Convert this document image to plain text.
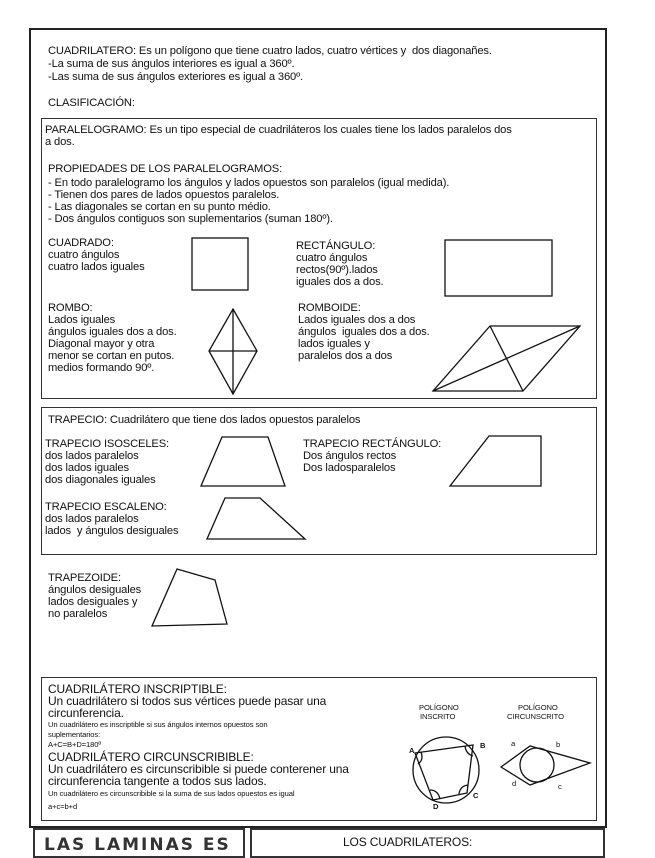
CUADRILATERO: Es un polígono que tiene cuatro lados, cuatro vértices y  dos diagonañes.
-La suma de sus ángulos interiores es igual a 360º.
-Las suma de sus ángulos exteriores es igual a 360º.
CLASIFICACIÓN:
PARALELOGRAMO: Es un tipo especial de cuadriláteros los cuales tiene los lados paralelos dos
a dos.
PROPIEDADES DE LOS PARALELOGRAMOS:
- En todo paralelogramo los ángulos y lados opuestos son paralelos (igual medida).
- Tienen dos pares de lados opuestos paralelos.
- Las diagonales se cortan en su punto médio.
- Dos ángulos contiguos son suplementarios (suman 180º).
CUADRADO:
cuatro ángulos
cuatro lados iguales
RECTÁNGULO:
cuatro ángulos
rectos(90º).lados
iguales dos a dos.
ROMBO:
Lados iguales
ángulos iguales dos a dos.
Diagonal mayor y otra
menor se cortan en putos.
medios formando 90º.
ROMBOIDE:
Lados iguales dos a dos
ángulos  iguales dos a dos.
lados iguales y
paralelos dos a dos
TRAPECIO: Cuadrilátero que tiene dos lados opuestos paralelos
TRAPECIO ISOSCELES:
dos lados paralelos
dos lados iguales
dos diagonales iguales
TRAPECIO RECTÁNGULO:
Dos ángulos rectos
Dos ladosparalelos
TRAPECIO ESCALENO:
dos lados paralelos
lados  y ángulos desiguales
TRAPEZOIDE:
ángulos desiguales
lados desiguales y
no paralelos
CUADRILÁTERO INSCRIPTIBLE:
Un cuadrilátero si todos sus vértices puede pasar una
circunferencia.
Un cuadrilátero es inscriptible si sus ángulos internos opuestos son
suplementarios:
A+C=B+D=180º
CUADRILÁTERO CIRCUNSCRIBIBLE:
Un cuadrilátero es circunscribible si puede conterener una
circunferencia tangente a todos sus lados.
Un cuadrilátero es circunscribible si la suma de sus lados opuestos es igual
a+c=b+d
POLÍGONO
INSCRITO
POLÍGONO
CIRCUNSCRITO
A
B
C
D
a	b
c
d
LAS LAMINAS ES	LOS CUADRILATEROS:
